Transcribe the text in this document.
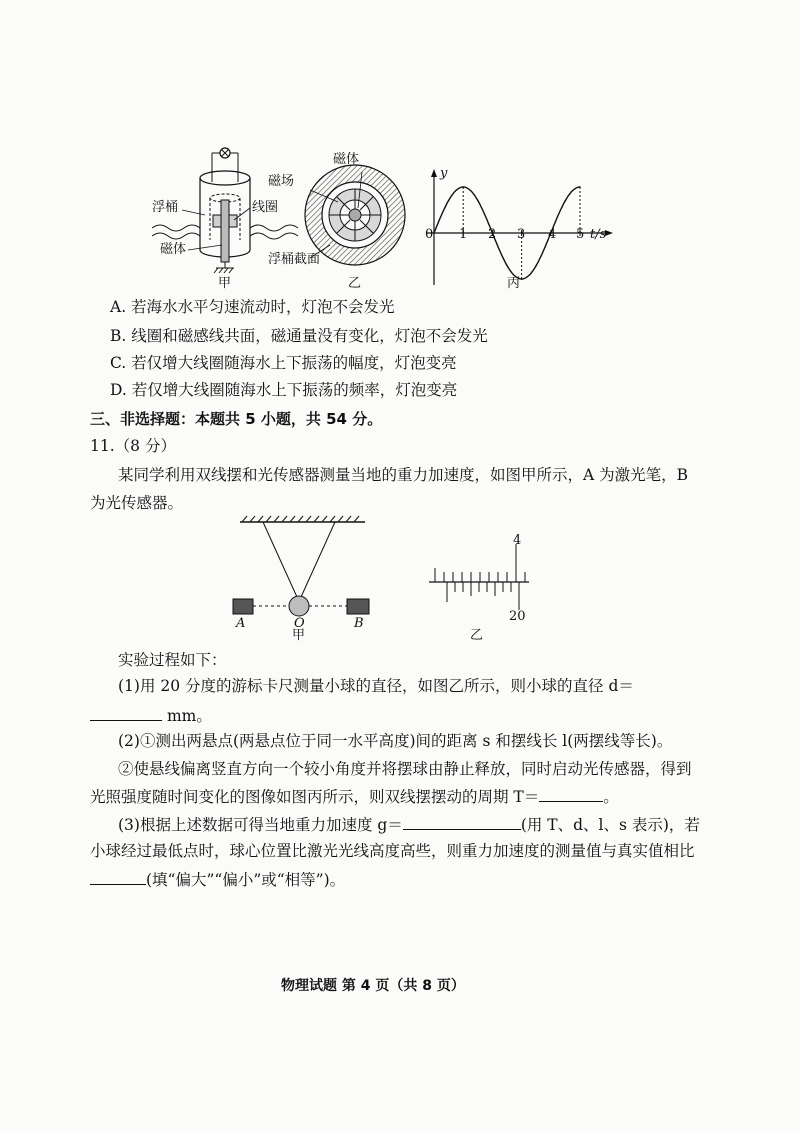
浮桶	线圈
磁体
甲
磁体
磁场
浮桶截面
乙
y
t/s
丙
0 1 2 3 4 5
A. 若海水水平匀速流动时，灯泡不会发光
B. 线圈和磁感线共面，磁通量没有变化，灯泡不会发光
C. 若仅增大线圈随海水上下振荡的幅度，灯泡变亮
D. 若仅增大线圈随海水上下振荡的频率，灯泡变亮
三、非选择题：本题共 5 小题，共 54 分。
11.（8 分）
某同学利用双线摆和光传感器测量当地的重力加速度，如图甲所示，A 为激光笔，B
为光传感器。
A	O	B
甲
4
20
乙
实验过程如下：
(1)用 20 分度的游标卡尺测量小球的直径，如图乙所示，则小球的直径 d＝
mm。
(2)①测出两悬点(两悬点位于同一水平高度)间的距离 s 和摆线长 l(两摆线等长)。
②使悬线偏离竖直方向一个较小角度并将摆球由静止释放，同时启动光传感器，得到
光照强度随时间变化的图像如图丙所示，则双线摆摆动的周期 T＝	。
(3)根据上述数据可得当地重力加速度 g＝	(用 T、d、l、s 表示)，若
小球经过最低点时，球心位置比激光光线高度高些，则重力加速度的测量值与真实值相比
(填“偏大”“偏小”或“相等”)。
物理试题 第 4 页（共 8 页）
